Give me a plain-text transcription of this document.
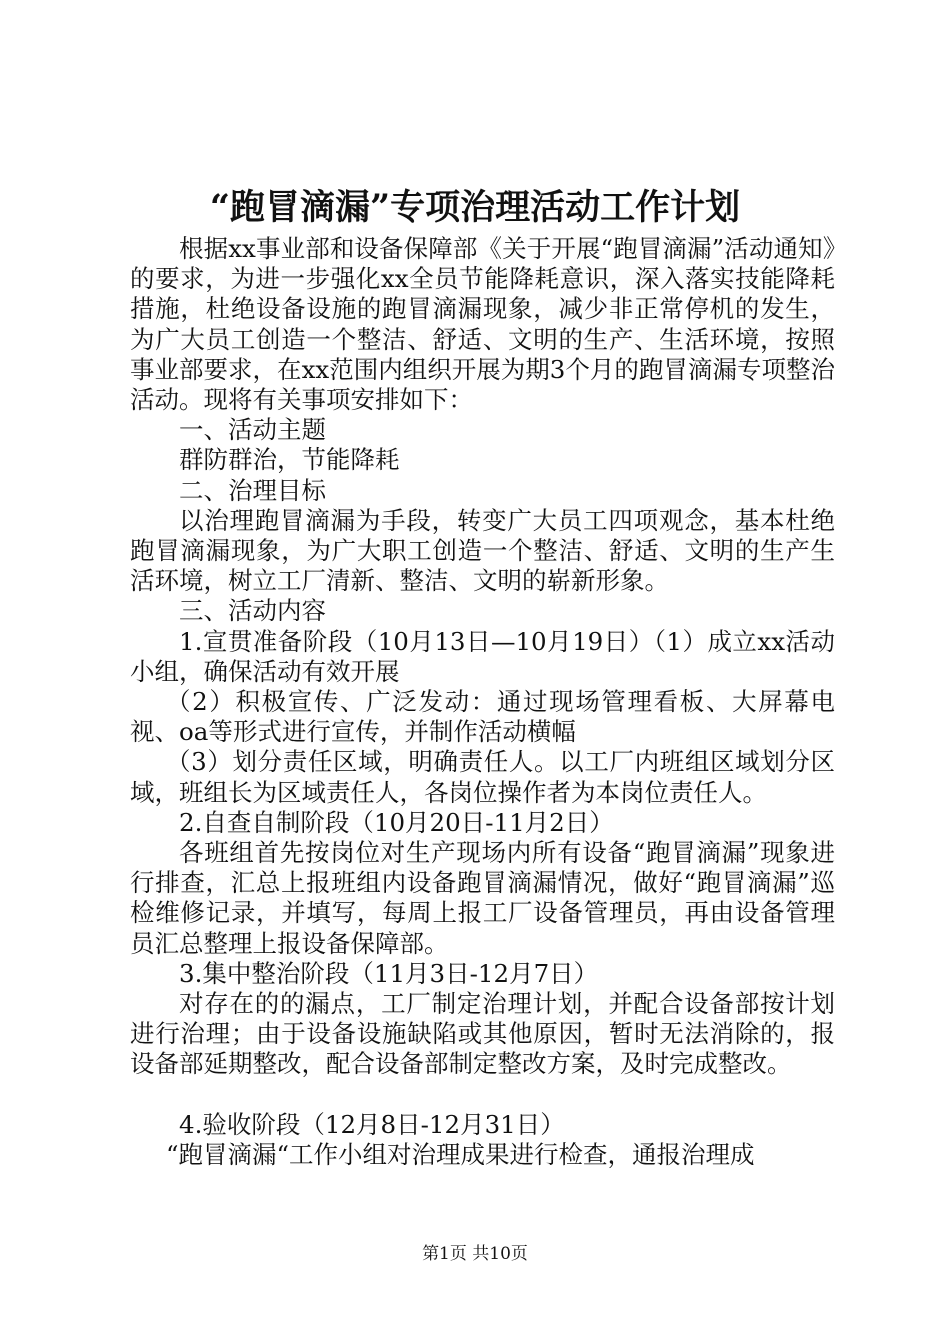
“跑冒滴漏”专项治理活动工作计划

根据xx事业部和设备保障部《关于开展“跑冒滴漏”活动通知》的要求，为进一步强化xx全员节能降耗意识，深入落实技能降耗措施，杜绝设备设施的跑冒滴漏现象，减少非正常停机的发生，为广大员工创造一个整洁、舒适、文明的生产、生活环境，按照事业部要求，在xx范围内组织开展为期3个月的跑冒滴漏专项整治活动。现将有关事项安排如下：

一、活动主题

群防群治，节能降耗

二、治理目标

以治理跑冒滴漏为手段，转变广大员工四项观念，基本杜绝跑冒滴漏现象，为广大职工创造一个整洁、舒适、文明的生产生活环境，树立工厂清新、整洁、文明的崭新形象。

三、活动内容

1.宣贯准备阶段（10月13日—10月19日）（1）成立xx活动小组，确保活动有效开展

（2）积极宣传、广泛发动：通过现场管理看板、大屏幕电视、oa等形式进行宣传，并制作活动横幅

（3）划分责任区域，明确责任人。以工厂内班组区域划分区域，班组长为区域责任人，各岗位操作者为本岗位责任人。

2.自查自制阶段（10月20日-11月2日）

各班组首先按岗位对生产现场内所有设备“跑冒滴漏”现象进行排查，汇总上报班组内设备跑冒滴漏情况，做好“跑冒滴漏”巡检维修记录，并填写，每周上报工厂设备管理员，再由设备管理员汇总整理上报设备保障部。

3.集中整治阶段（11月3日-12月7日）

对存在的的漏点，工厂制定治理计划，并配合设备部按计划进行治理；由于设备设施缺陷或其他原因，暂时无法消除的，报设备部延期整改，配合设备部制定整改方案，及时完成整改。

4.验收阶段（12月8日-12月31日）

“跑冒滴漏“工作小组对治理成果进行检查，通报治理成

第1页 共10页
